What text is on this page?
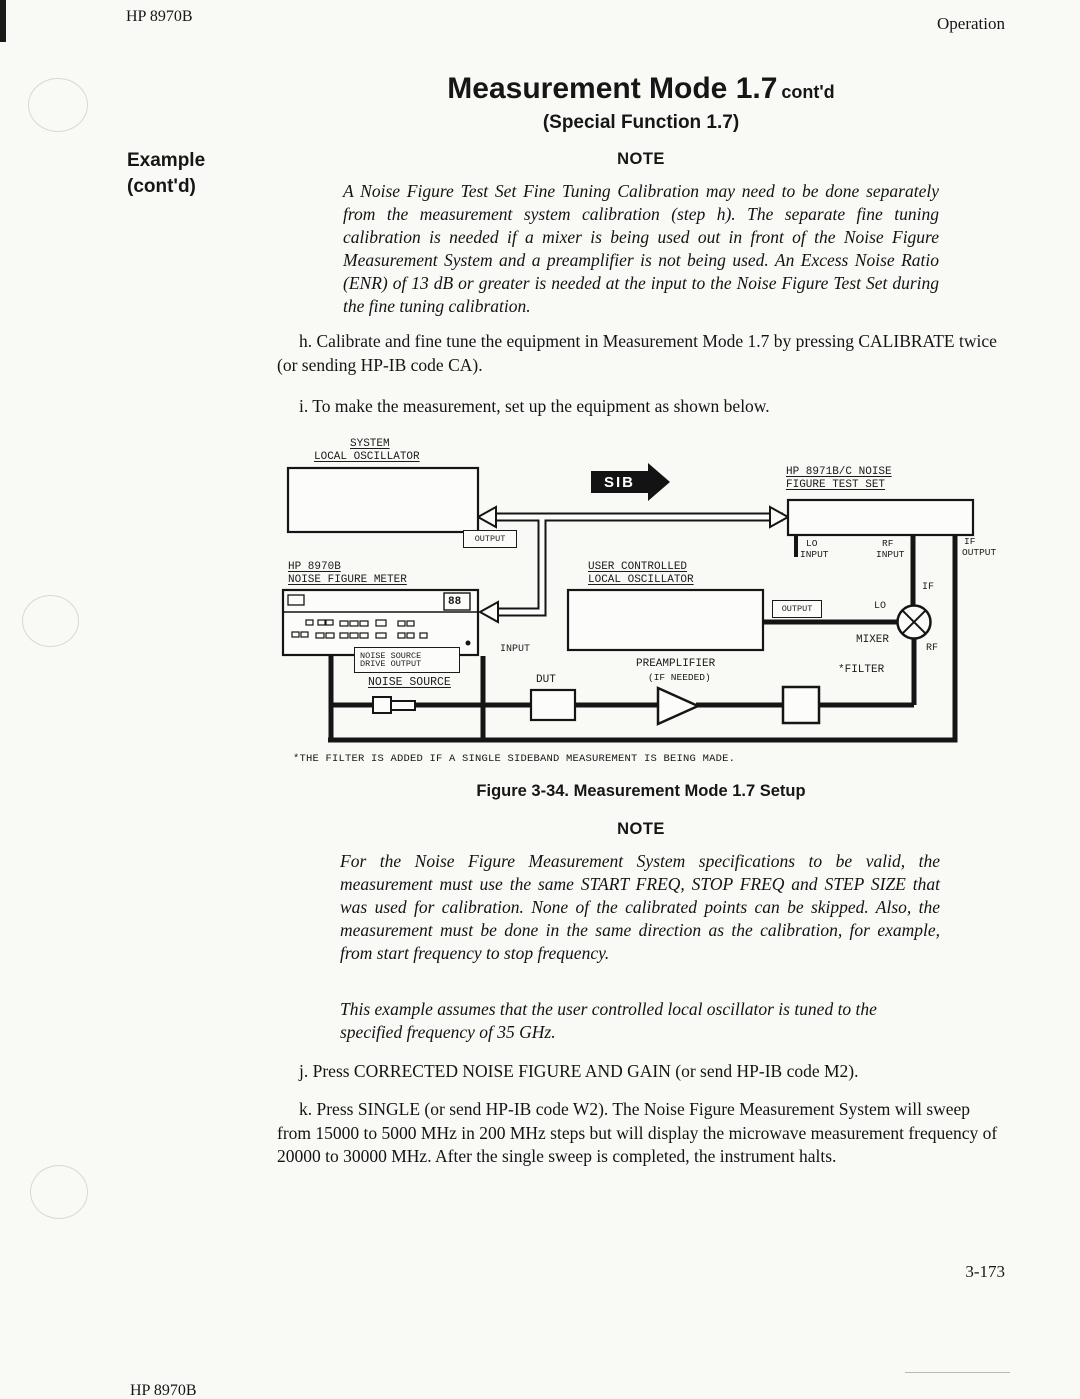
HP 8970B	Operation
Measurement Mode 1.7 cont'd
(Special Function 1.7)
Example
(cont'd)
NOTE
A Noise Figure Test Set Fine Tuning Calibration may need to be done separately from the measurement system calibration (step h). The separate fine tuning calibration is needed if a mixer is being used out in front of the Noise Figure Measurement System and a preamplifier is not being used. An Excess Noise Ratio (ENR) of 13 dB or greater is needed at the input to the Noise Figure Test Set during the fine tuning calibration.

h. Calibrate and fine tune the equipment in Measurement Mode 1.7 by pressing CALIBRATE twice (or sending HP-IB code CA).

i. To make the measurement, set up the equipment as shown below.

SYSTEM
LOCAL OSCILLATOR
OUTPUT
SIB
HP 8971B/C NOISE
FIGURE TEST SET
LO
INPUT
RF
INPUT
IF
OUTPUT
HP 8970B
NOISE FIGURE METER
88
INPUT
NOISE SOURCE
DRIVE OUTPUT
NOISE SOURCE
USER CONTROLLED
LOCAL OSCILLATOR
OUTPUT	LO
IF
RF
MIXER
DUT
PREAMPLIFIER
(IF NEEDED)
*FILTER
*THE FILTER IS ADDED IF A SINGLE SIDEBAND MEASUREMENT IS BEING MADE.
Figure 3-34. Measurement Mode 1.7 Setup
NOTE
For the Noise Figure Measurement System specifications to be valid, the measurement must use the same START FREQ, STOP FREQ and STEP SIZE that was used for calibration. None of the calibrated points can be skipped. Also, the measurement must be done in the same direction as the calibration, for example, from start frequency to stop frequency.
This example assumes that the user controlled local oscillator is tuned to the specified frequency of 35 GHz.

j. Press CORRECTED NOISE FIGURE AND GAIN (or send HP-IB code M2).

k. Press SINGLE (or send HP-IB code W2). The Noise Figure Measurement System will sweep from 15000 to 5000 MHz in 200 MHz steps but will display the microwave measurement frequency of 20000 to 30000 MHz. After the single sweep is completed, the instrument halts.

3-173
HP 8970B
